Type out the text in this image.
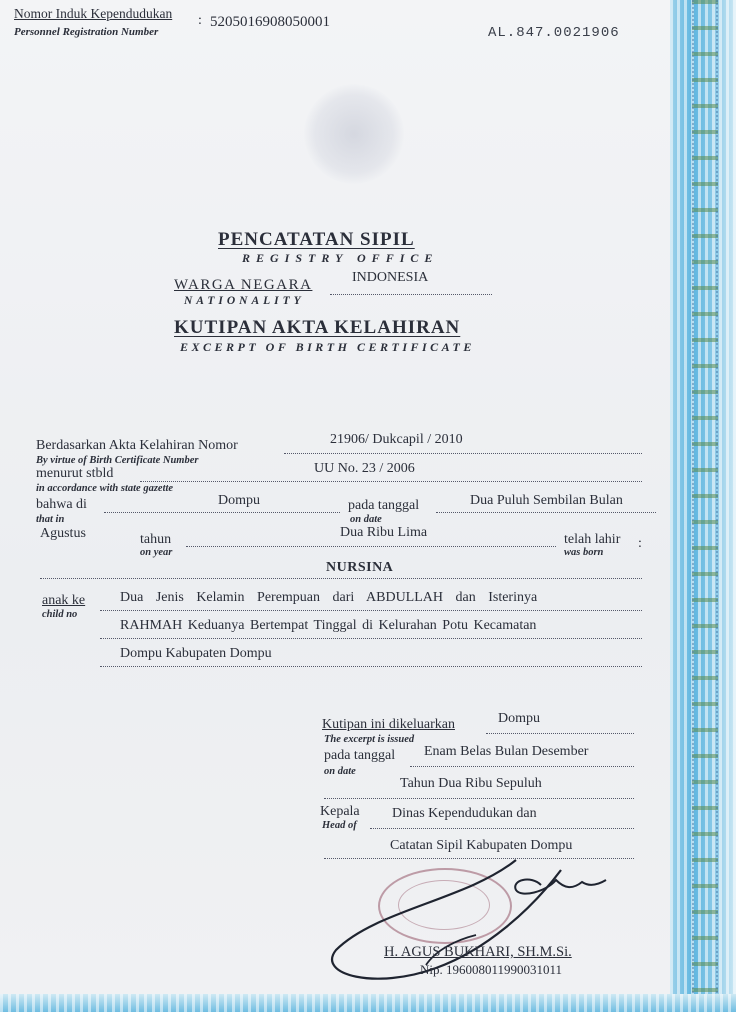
Nomor Induk Kependudukan
Personnel Registration Number
: 5205016908050001
AL.847.0021906
PENCATATAN SIPIL
REGISTRY OFFICE
WARGA NEGARA	INDONESIA
NATIONALITY
KUTIPAN AKTA KELAHIRAN
EXCERPT OF BIRTH CERTIFICATE
Berdasarkan Akta Kelahiran Nomor
By virtue of Birth Certificate Number
21906/ Dukcapil / 2010
menurut stbld
in accordance with state gazette
UU No. 23 / 2006
bahwa di
that in
Dompu	pada tanggal
on date
Dua Puluh Sembilan Bulan
Agustus	tahun
on year
Dua Ribu Lima	telah lahir
was born
:
NURSINA
anak ke
child no
Dua Jenis Kelamin Perempuan dari ABDULLAH dan Isterinya
RAHMAH Keduanya Bertempat Tinggal di Kelurahan Potu Kecamatan
Dompu Kabupaten Dompu
Kutipan ini dikeluarkan
The excerpt is issued
Dompu
pada tanggal
on date
Enam Belas Bulan Desember
Tahun Dua Ribu Sepuluh
Kepala
Head of
Dinas Kependudukan dan
Catatan Sipil Kabupaten Dompu
H. AGUS BUKHARI, SH.M.Si.
Nip. 196008011990031011
